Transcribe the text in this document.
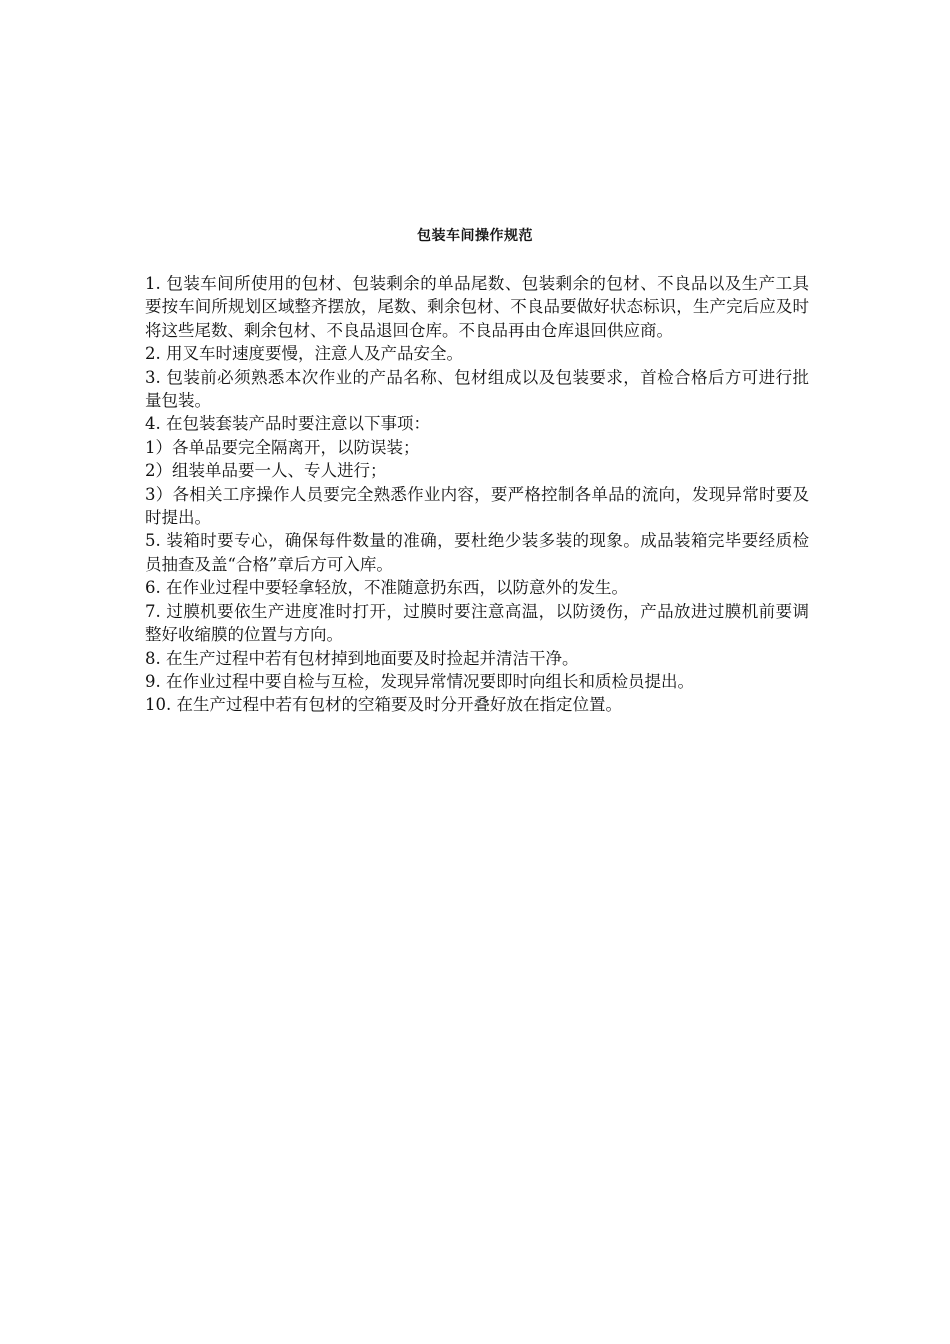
包装车间操作规范

1. 包装车间所使用的包材、包装剩余的单品尾数、包装剩余的包材、不良品以及生产工具要按车间所规划区域整齐摆放，尾数、剩余包材、不良品要做好状态标识，生产完后应及时将这些尾数、剩余包材、不良品退回仓库。不良品再由仓库退回供应商。

2. 用叉车时速度要慢，注意人及产品安全。

3. 包装前必须熟悉本次作业的产品名称、包材组成以及包装要求，首检合格后方可进行批量包装。

4. 在包装套装产品时要注意以下事项：

1）各单品要完全隔离开，以防误装；

2）组装单品要一人、专人进行；

3）各相关工序操作人员要完全熟悉作业内容，要严格控制各单品的流向，发现异常时要及时提出。

5. 装箱时要专心，确保每件数量的准确，要杜绝少装多装的现象。成品装箱完毕要经质检员抽查及盖“合格”章后方可入库。

6. 在作业过程中要轻拿轻放，不准随意扔东西，以防意外的发生。

7. 过膜机要依生产进度准时打开，过膜时要注意高温，以防烫伤，产品放进过膜机前要调整好收缩膜的位置与方向。

8. 在生产过程中若有包材掉到地面要及时捡起并清洁干净。

9. 在作业过程中要自检与互检，发现异常情况要即时向组长和质检员提出。

10. 在生产过程中若有包材的空箱要及时分开叠好放在指定位置。
